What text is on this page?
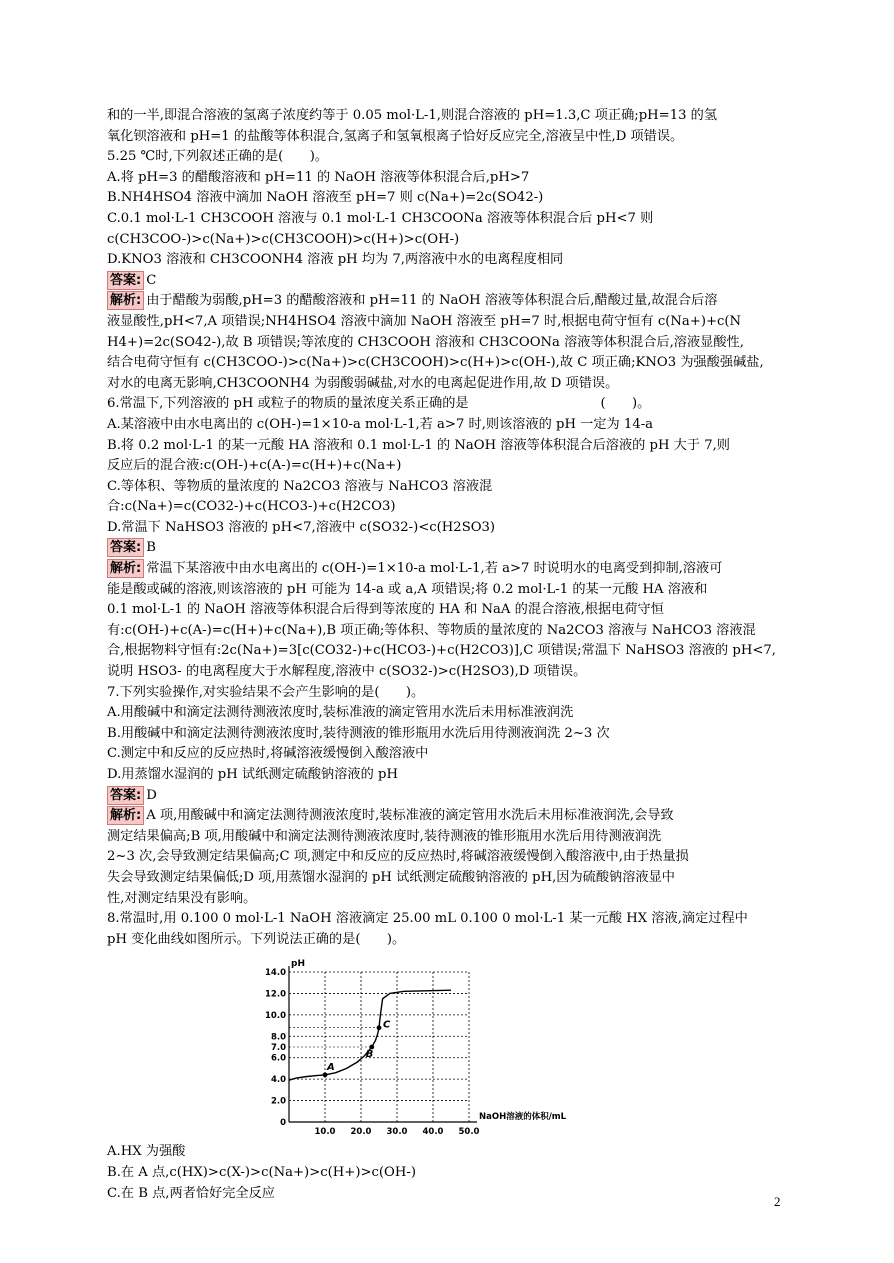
和的一半,即混合溶液的氢离子浓度约等于 0.05 mol·L-1,则混合溶液的 pH=1.3,C 项正确;pH=13 的氢

氧化钡溶液和 pH=1 的盐酸等体积混合,氢离子和氢氧根离子恰好反应完全,溶液呈中性,D 项错误。

5.25 ℃时,下列叙述正确的是(　　)。

A.将 pH=3 的醋酸溶液和 pH=11 的 NaOH 溶液等体积混合后,pH>7

B.NH4HSO4 溶液中滴加 NaOH 溶液至 pH=7 则 c(Na+)=2c(SO42-)

C.0.1 mol·L-1 CH3COOH 溶液与 0.1 mol·L-1 CH3COONa 溶液等体积混合后 pH<7 则

c(CH3COO-)>c(Na+)>c(CH3COOH)>c(H+)>c(OH-)

D.KNO3 溶液和 CH3COONH4 溶液 pH 均为 7,两溶液中水的电离程度相同

答案: C

解析: 由于醋酸为弱酸,pH=3 的醋酸溶液和 pH=11 的 NaOH 溶液等体积混合后,醋酸过量,故混合后溶

液显酸性,pH<7,A 项错误;NH4HSO4 溶液中滴加 NaOH 溶液至 pH=7 时,根据电荷守恒有 c(Na+)+c(N

H4+)=2c(SO42-),故 B 项错误;等浓度的 CH3COOH 溶液和 CH3COONa 溶液等体积混合后,溶液显酸性,

结合电荷守恒有 c(CH3COO-)>c(Na+)>c(CH3COOH)>c(H+)>c(OH-),故 C 项正确;KNO3 为强酸强碱盐,

对水的电离无影响,CH3COONH4 为弱酸弱碱盐,对水的电离起促进作用,故 D 项错误。

6.常温下,下列溶液的 pH 或粒子的物质的量浓度关系正确的是　　　　　　　　　　(　　)。

A.某溶液中由水电离出的 c(OH-)=1×10-a mol·L-1,若 a>7 时,则该溶液的 pH 一定为 14-a

B.将 0.2 mol·L-1 的某一元酸 HA 溶液和 0.1 mol·L-1 的 NaOH 溶液等体积混合后溶液的 pH 大于 7,则

反应后的混合液:c(OH-)+c(A-)=c(H+)+c(Na+)

C.等体积、等物质的量浓度的 Na2CO3 溶液与 NaHCO3 溶液混合:c(Na+)=c(CO32-)+c(HCO3-)+c(H2CO3)

D.常温下 NaHSO3 溶液的 pH<7,溶液中 c(SO32-)<c(H2SO3)

答案: B

解析: 常温下某溶液中由水电离出的 c(OH-)=1×10-a mol·L-1,若 a>7 时说明水的电离受到抑制,溶液可

能是酸或碱的溶液,则该溶液的 pH 可能为 14-a 或 a,A 项错误;将 0.2 mol·L-1 的某一元酸 HA 溶液和

0.1 mol·L-1 的 NaOH 溶液等体积混合后得到等浓度的 HA 和 NaA 的混合溶液,根据电荷守恒

有:c(OH-)+c(A-)=c(H+)+c(Na+),B 项正确;等体积、等物质的量浓度的 Na2CO3 溶液与 NaHCO3 溶液混

合,根据物料守恒有:2c(Na+)=3[c(CO32-)+c(HCO3-)+c(H2CO3)],C 项错误;常温下 NaHSO3 溶液的 pH<7,

说明 HSO3- 的电离程度大于水解程度,溶液中 c(SO32-)>c(H2SO3),D 项错误。

7.下列实验操作,对实验结果不会产生影响的是(　　)。

A.用酸碱中和滴定法测待测液浓度时,装标准液的滴定管用水洗后未用标准液润洗

B.用酸碱中和滴定法测待测液浓度时,装待测液的锥形瓶用水洗后用待测液润洗 2~3 次

C.测定中和反应的反应热时,将碱溶液缓慢倒入酸溶液中

D.用蒸馏水湿润的 pH 试纸测定硫酸钠溶液的 pH

答案: D

解析: A 项,用酸碱中和滴定法测待测液浓度时,装标准液的滴定管用水洗后未用标准液润洗,会导致

测定结果偏高;B 项,用酸碱中和滴定法测待测液浓度时,装待测液的锥形瓶用水洗后用待测液润洗

2~3 次,会导致测定结果偏高;C 项,测定中和反应的反应热时,将碱溶液缓慢倒入酸溶液中,由于热量损

失会导致测定结果偏低;D 项,用蒸馏水湿润的 pH 试纸测定硫酸钠溶液的 pH,因为硫酸钠溶液显中

性,对测定结果没有影响。

8.常温时,用 0.100 0 mol·L-1 NaOH 溶液滴定 25.00 mL 0.100 0 mol·L-1 某一元酸 HX 溶液,滴定过程中

pH 变化曲线如图所示。下列说法正确的是(　　)。

pH
2.0
4.0
6.0
7.0
8.0
10.0
12.0
14.0
0
10.0 20.0 30.0 40.0 50.0
NaOH溶液的体积/mL
A
B
C

A.HX 为强酸

B.在 A 点,c(HX)>c(X-)>c(Na+)>c(H+)>c(OH-)

C.在 B 点,两者恰好完全反应

2
